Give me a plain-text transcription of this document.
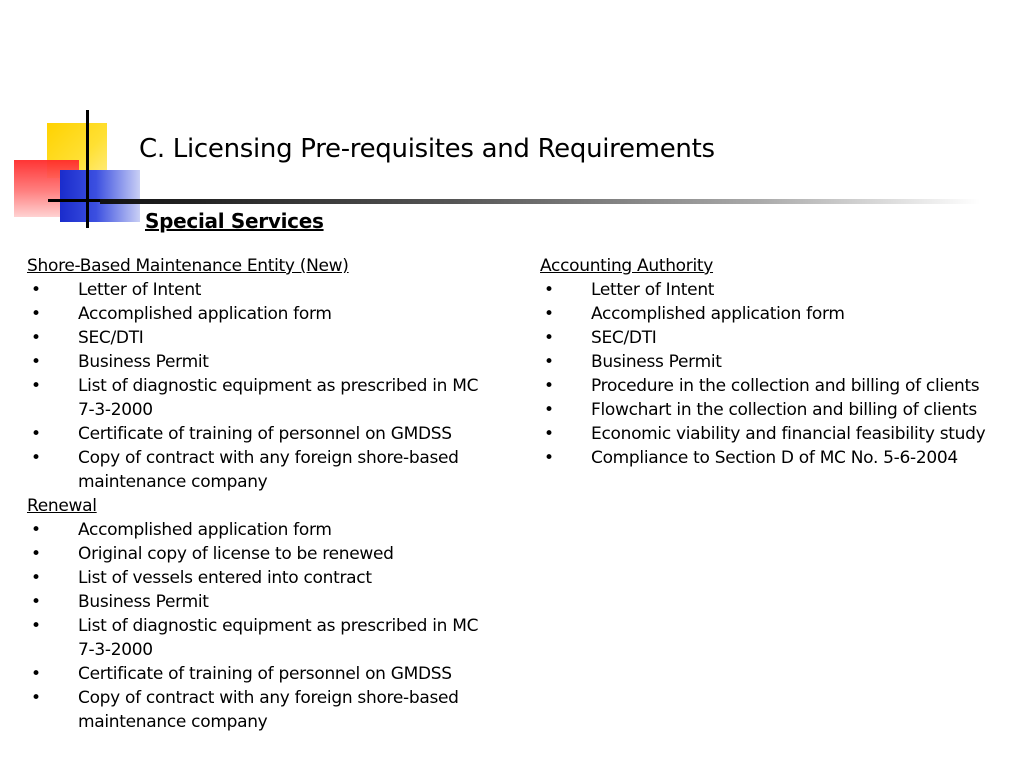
C. Licensing Pre-requisites and Requirements
Special Services
Shore-Based Maintenance Entity (New)
• Letter of Intent
• Accomplished application form
• SEC/DTI
• Business Permit
• List of diagnostic equipment as prescribed in MC 7-3-2000
• Certificate of training of personnel on GMDSS
• Copy of contract with any foreign shore-based maintenance company
Renewal
• Accomplished application form
• Original copy of license to be renewed
• List of vessels entered into contract
• Business Permit
• List of diagnostic equipment as prescribed in MC 7-3-2000
• Certificate of training of personnel on GMDSS
• Copy of contract with any foreign shore-based maintenance company
Accounting Authority
• Letter of Intent
• Accomplished application form
• SEC/DTI
• Business Permit
• Procedure in the collection and billing of clients
• Flowchart in the collection and billing of clients
• Economic viability and financial feasibility study
• Compliance to Section D of MC No. 5-6-2004
